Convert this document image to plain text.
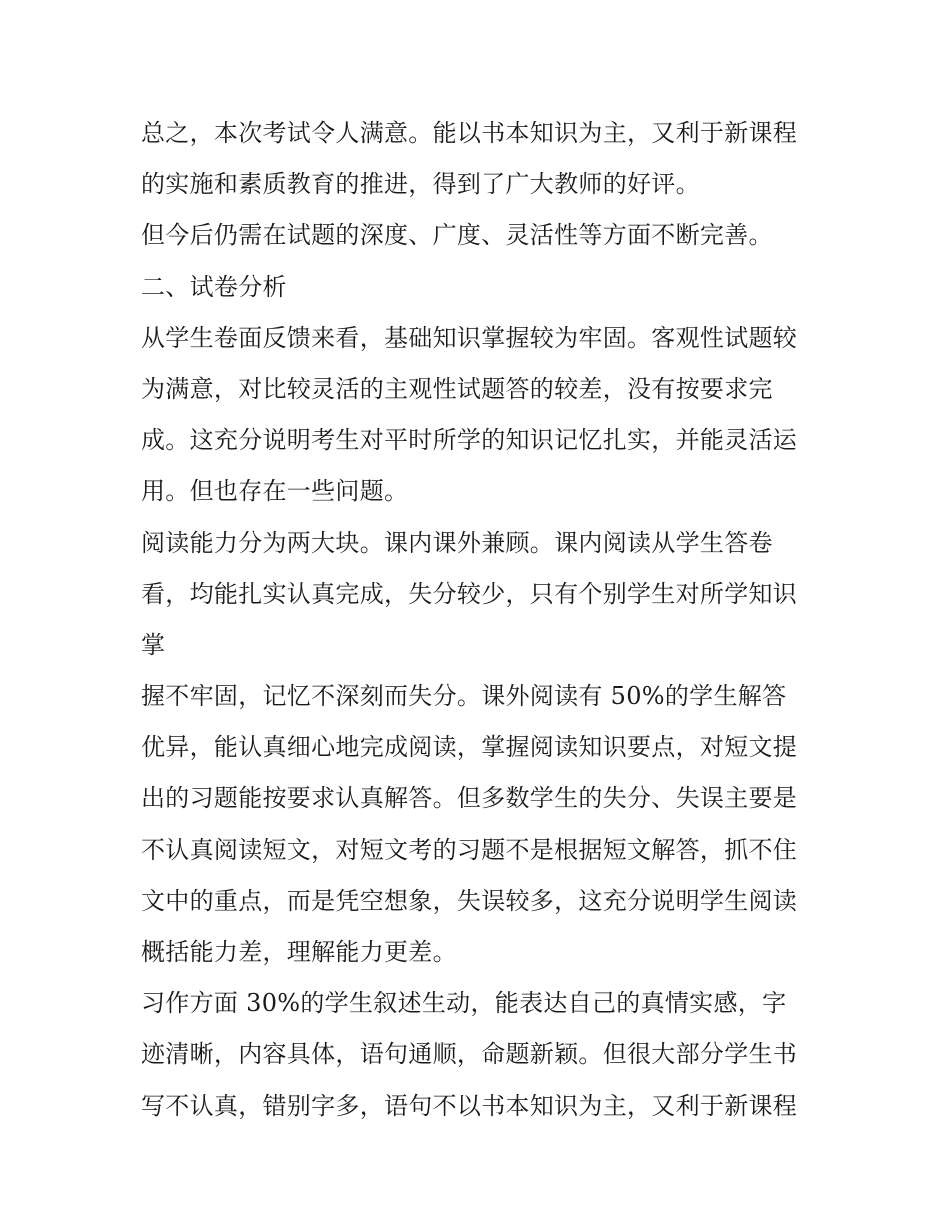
总之，本次考试令人满意。能以书本知识为主，又利于新课程
的实施和素质教育的推进，得到了广大教师的好评。
但今后仍需在试题的深度、广度、灵活性等方面不断完善。
二、试卷分析
从学生卷面反馈来看，基础知识掌握较为牢固。客观性试题较
为满意，对比较灵活的主观性试题答的较差，没有按要求完
成。这充分说明考生对平时所学的知识记忆扎实，并能灵活运
用。但也存在一些问题。
阅读能力分为两大块。课内课外兼顾。课内阅读从学生答卷
看，均能扎实认真完成，失分较少，只有个别学生对所学知识
掌
握不牢固，记忆不深刻而失分。课外阅读有 50%的学生解答
优异，能认真细心地完成阅读，掌握阅读知识要点，对短文提
出的习题能按要求认真解答。但多数学生的失分、失误主要是
不认真阅读短文，对短文考的习题不是根据短文解答，抓不住
文中的重点，而是凭空想象，失误较多，这充分说明学生阅读
概括能力差，理解能力更差。
习作方面 30%的学生叙述生动，能表达自己的真情实感，字
迹清晰，内容具体，语句通顺，命题新颖。但很大部分学生书
写不认真，错别字多，语句不以书本知识为主，又利于新课程
